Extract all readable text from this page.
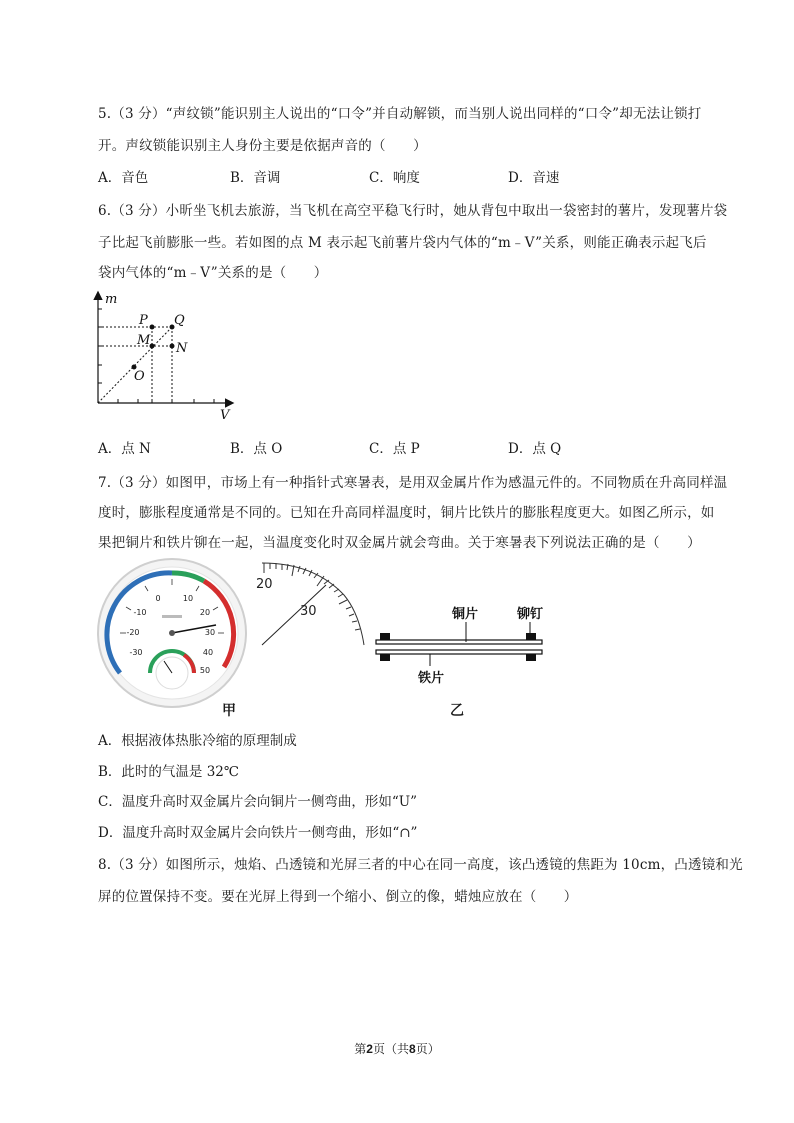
5.（3 分）“声纹锁”能识别主人说出的“口令”并自动解锁，而当别人说出同样的“口令”却无法让锁打
开。声纹锁能识别主人身份主要是依据声音的（　　）
A．音色	B．音调	C．响度	D．音速
6.（3 分）小昕坐飞机去旅游，当飞机在高空平稳飞行时，她从背包中取出一袋密封的薯片，发现薯片袋
子比起飞前膨胀一些。若如图的点 M 表示起飞前薯片袋内气体的“m﹣V”关系，则能正确表示起飞后
袋内气体的“m﹣V”关系的是（　　）
m
V
P Q
M
N
O
A．点 N	B．点 O	C．点 P	D．点 Q
7.（3 分）如图甲，市场上有一种指针式寒暑表，是用双金属片作为感温元件的。不同物质在升高同样温
度时，膨胀程度通常是不同的。已知在升高同样温度时，铜片比铁片的膨胀程度更大。如图乙所示，如
果把铜片和铁片铆在一起，当温度变化时双金属片就会弯曲。关于寒暑表下列说法正确的是（　　）
0	10
20
30
40
50
-10
-20
-30
甲
20
30	铜片	铆钉
铁片
乙
A．根据液体热胀冷缩的原理制成
B．此时的气温是 32℃
C．温度升高时双金属片会向铜片一侧弯曲，形如“U”
D．温度升高时双金属片会向铁片一侧弯曲，形如“∩”
8.（3 分）如图所示，烛焰、凸透镜和光屏三者的中心在同一高度，该凸透镜的焦距为 10cm，凸透镜和光
屏的位置保持不变。要在光屏上得到一个缩小、倒立的像，蜡烛应放在（　　）
第2页（共8页）
